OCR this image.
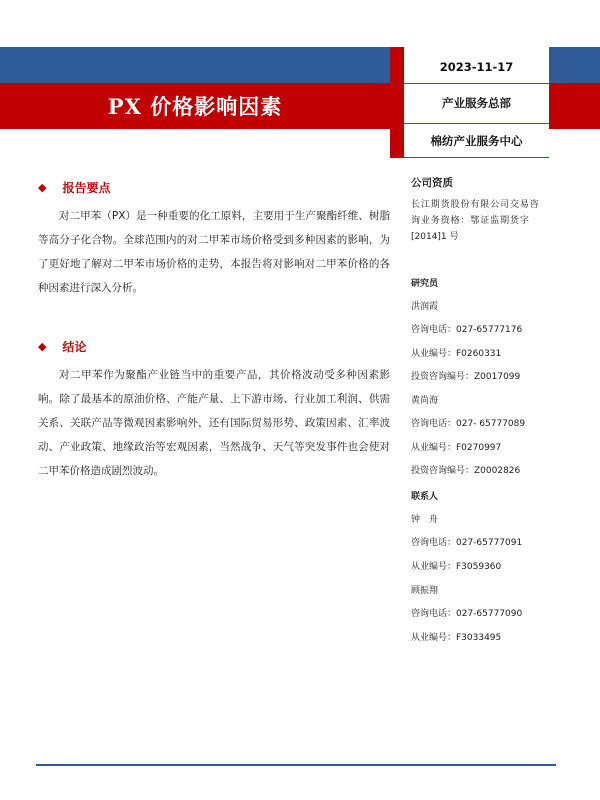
PX 价格影响因素
2023-11-17
产业服务总部
棉纺产业服务中心
◆ 报告要点
对二甲苯（PX）是一种重要的化工原料，主要用于生产聚酯纤维、树脂等高分子化合物。全球范围内的对二甲苯市场价格受到多种因素的影响，为了更好地了解对二甲苯市场价格的走势，本报告将对影响对二甲苯价格的各种因素进行深入分析。
◆ 结论
对二甲苯作为聚酯产业链当中的重要产品，其价格波动受多种因素影响。除了最基本的原油价格、产能产量、上下游市场、行业加工利润、供需关系、关联产品等微观因素影响外，还有国际贸易形势、政策因素、汇率波动、产业政策、地缘政治等宏观因素，当然战争、天气等突发事件也会使对二甲苯价格造成剧烈波动。
公司资质
长江期货股份有限公司交易咨
询业务资格：鄂证监期货字
[2014]1 号
研究员
洪润霞
咨询电话：027-65777176
从业编号：F0260331
投资咨询编号：Z0017099
黄尚海
咨询电话：027- 65777089
从业编号：F0270997
投资咨询编号：Z0002826
联系人
钟　舟
咨询电话：027-65777091
从业编号：F3059360
顾振翔
咨询电话：027-65777090
从业编号：F3033495
